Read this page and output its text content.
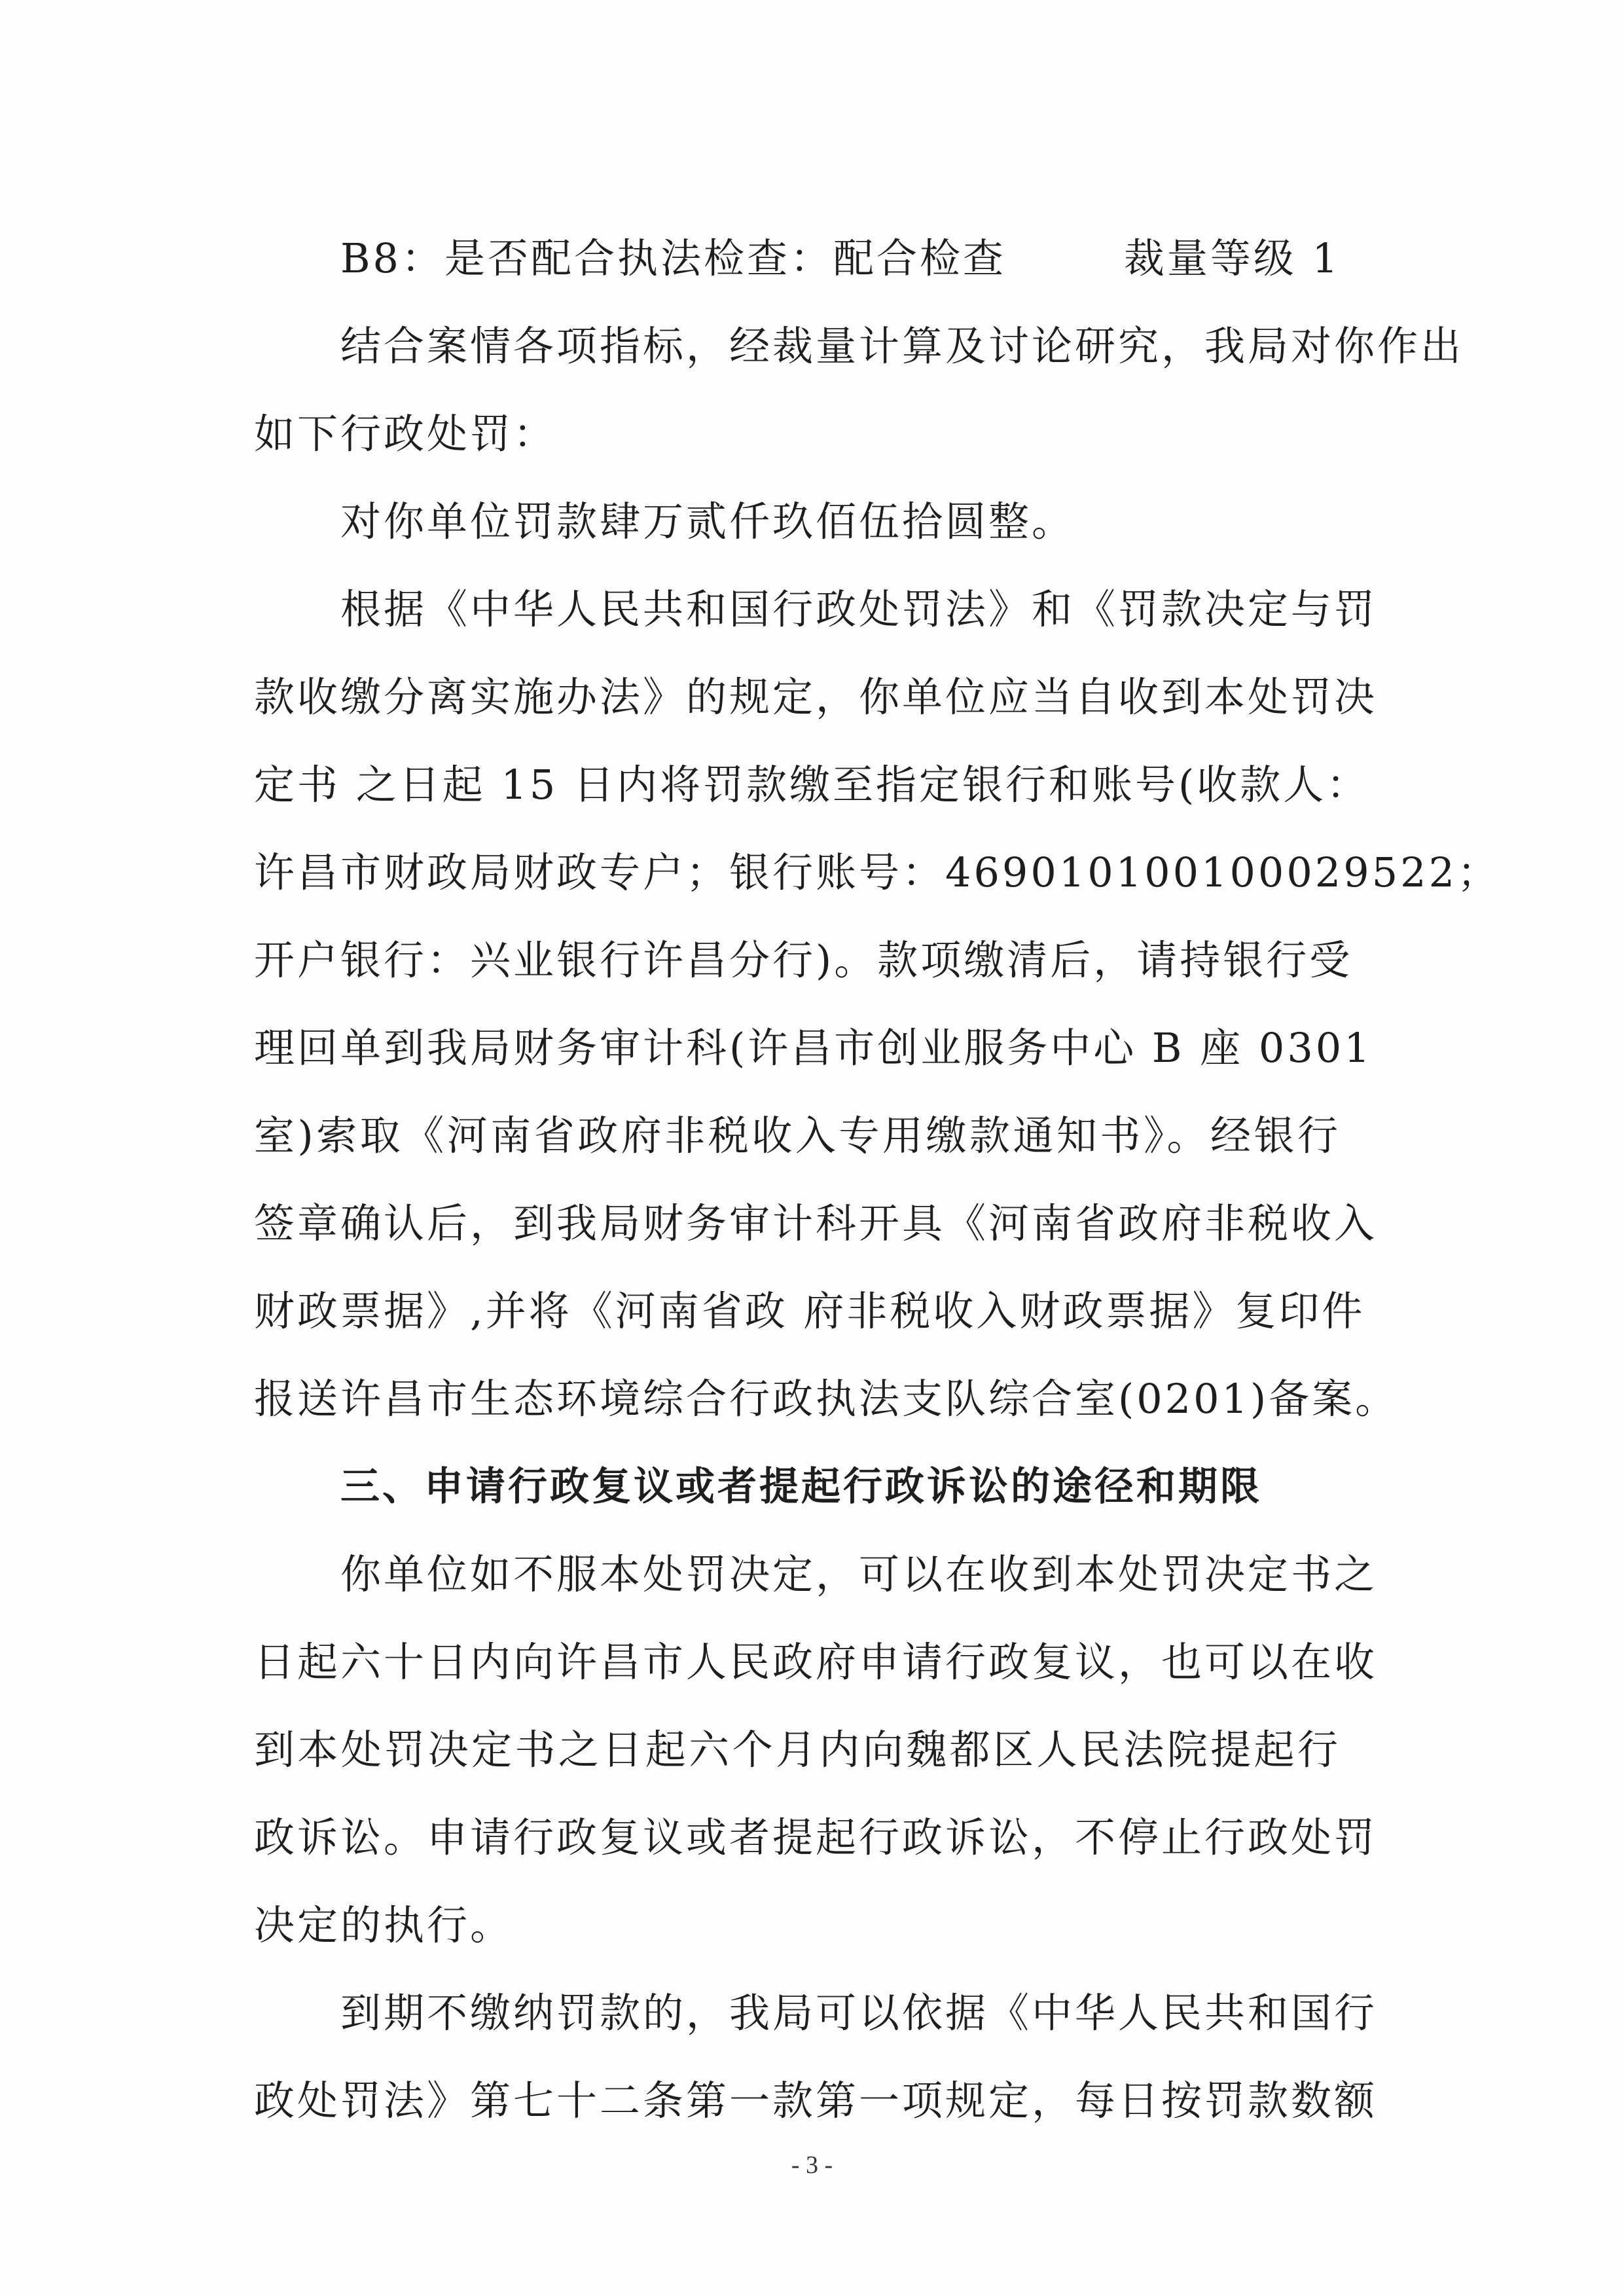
B8：是否配合执法检查：配合检查	裁量等级 1
结合案情各项指标，经裁量计算及讨论研究，我局对你作出
如下行政处罚：
对你单位罚款肆万贰仟玖佰伍拾圆整。
根据《中华人民共和国行政处罚法》和《罚款决定与罚
款收缴分离实施办法》的规定，你单位应当自收到本处罚决
定书 之日起 15 日内将罚款缴至指定银行和账号(收款人：
许昌市财政局财政专户；银行账号：469010100100029522；
开户银行：兴业银行许昌分行)。款项缴清后，请持银行受
理回单到我局财务审计科(许昌市创业服务中心 B 座 0301
室)索取《河南省政府非税收入专用缴款通知书》。经银行
签章确认后，到我局财务审计科开具《河南省政府非税收入
财政票据》,并将《河南省政 府非税收入财政票据》复印件
报送许昌市生态环境综合行政执法支队综合室(0201)备案。
三、申请行政复议或者提起行政诉讼的途径和期限
你单位如不服本处罚决定，可以在收到本处罚决定书之
日起六十日内向许昌市人民政府申请行政复议，也可以在收
到本处罚决定书之日起六个月内向魏都区人民法院提起行
政诉讼。申请行政复议或者提起行政诉讼，不停止行政处罚
决定的执行。
到期不缴纳罚款的，我局可以依据《中华人民共和国行
政处罚法》第七十二条第一款第一项规定，每日按罚款数额
- 3 -
